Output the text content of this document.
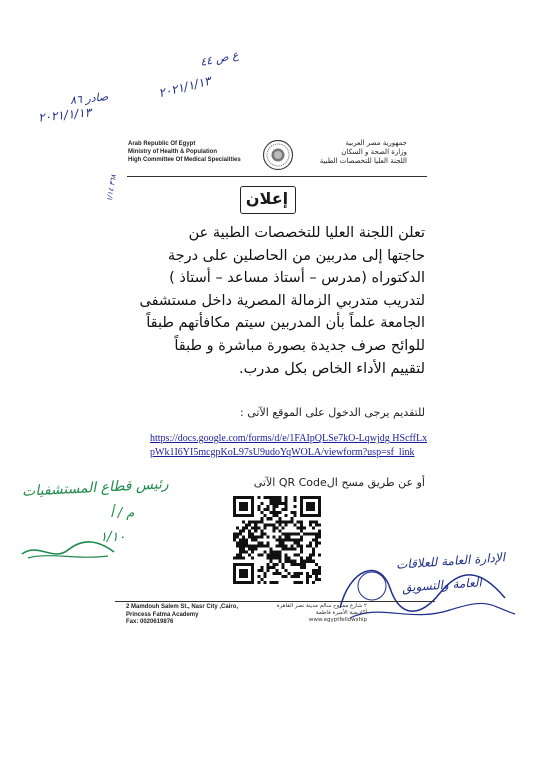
ع ص ٤٤
٢٠٢١/١/١٣
صادر ٨٦
٢٠٢١/١/١٣
٣٦٨ ١/١٤
Arab Republic Of Egypt
Ministry of Health & Population
High Committee Of Medical Specialities
جمهورية مصر العربية
وزارة الصحة و السكان
اللجنة العليا للتخصصات الطبية
إعلان
تعلن اللجنة العليا للتخصصات الطبية عن
حاجتها إلى مدربين من الحاصلين على درجة
الدكتوراه (مدرس – أستاذ مساعد – أستاذ )
لتدريب متدربي الزمالة المصرية داخل مستشفى
الجامعة علماً بأن المدربين سيتم مكافأتهم طبقاً
للوائح صرف جديدة بصورة مباشرة و طبقاً
لتقييم الأداء الخاص بكل مدرب.
للتقديم يرجى الدخول على الموقع الآتى :
https://docs.google.com/forms/d/e/1FAIpQLSe7kO-Lqwjdg HScffLxpWk1I6YI5mcgpKoL97sU9udoYqWOLA/viewform?usp=sf_link
أو عن طريق مسح الQR Code الآتى
رئيس قطاع المستشفيات
م / أ
١/١٠
الإدارة العامة للعلاقات
العامة والتسويق
2 Mamdouh Salem St., Nasr City ,Cairo,
Princess Fatma Academy
Fax: 0020619876
٢ شارع ممدوح سالم مدينة نصر القاهرة
أكاديمية الأميرة فاطمة
www.egyptfellowship
